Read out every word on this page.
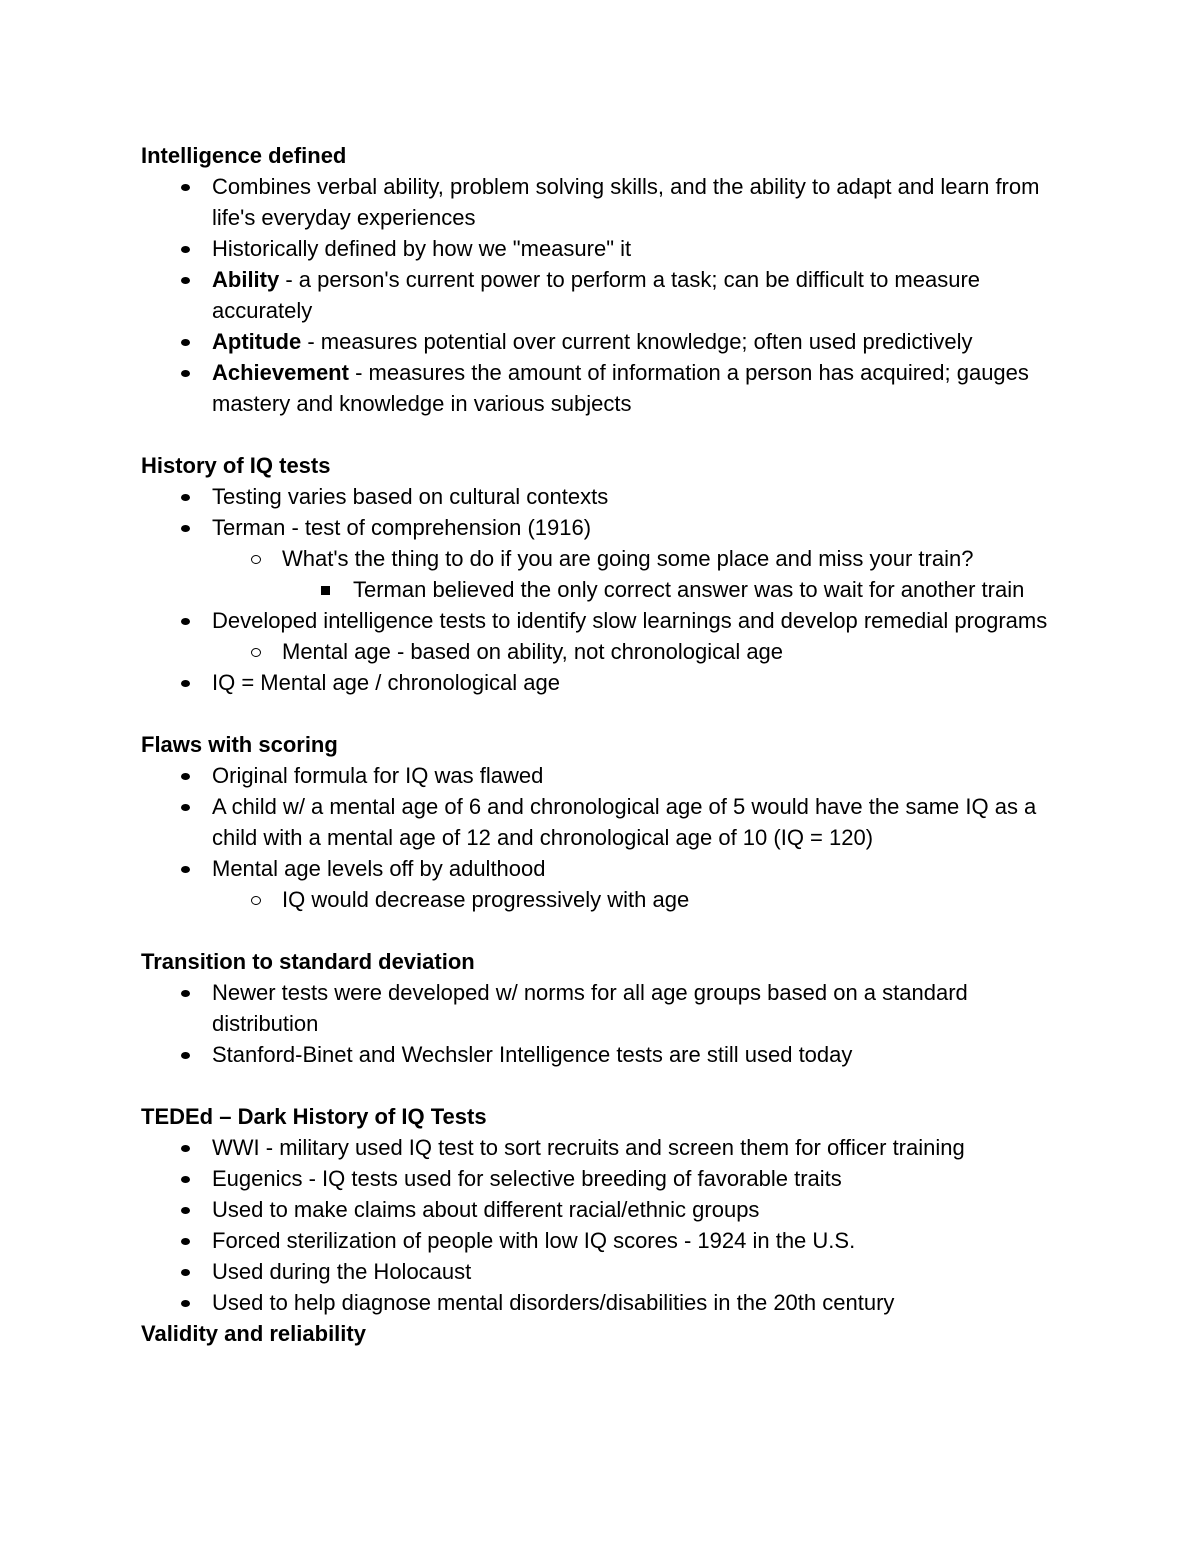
Intelligence defined
Combines verbal ability, problem solving skills, and the ability to adapt and learn from life's everyday experiences
Historically defined by how we "measure" it
Ability - a person's current power to perform a task; can be difficult to measure accurately
Aptitude - measures potential over current knowledge; often used predictively
Achievement - measures the amount of information a person has acquired; gauges mastery and knowledge in various subjects
History of IQ tests
Testing varies based on cultural contexts
Terman - test of comprehension (1916)
What's the thing to do if you are going some place and miss your train?
Terman believed the only correct answer was to wait for another train
Developed intelligence tests to identify slow learnings and develop remedial programs
Mental age - based on ability, not chronological age
IQ = Mental age / chronological age
Flaws with scoring
Original formula for IQ was flawed
A child w/ a mental age of 6 and chronological age of 5 would have the same IQ as a child with a mental age of 12 and chronological age of 10 (IQ = 120)
Mental age levels off by adulthood
IQ would decrease progressively with age
Transition to standard deviation
Newer tests were developed w/ norms for all age groups based on a standard distribution
Stanford-Binet and Wechsler Intelligence tests are still used today
TEDEd – Dark History of IQ Tests
WWI - military used IQ test to sort recruits and screen them for officer training
Eugenics - IQ tests used for selective breeding of favorable traits
Used to make claims about different racial/ethnic groups
Forced sterilization of people with low IQ scores - 1924 in the U.S.
Used during the Holocaust
Used to help diagnose mental disorders/disabilities in the 20th century
Validity and reliability
